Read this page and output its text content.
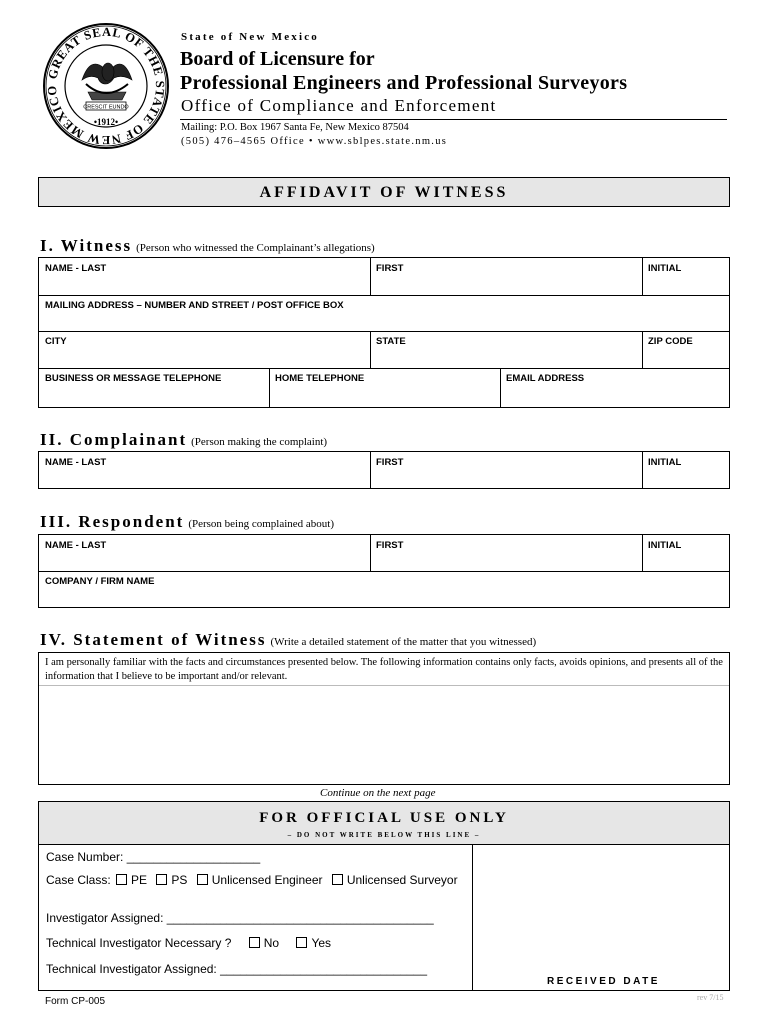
GREAT SEAL OF THE STATE OF NEW MEXICO
CRESCIT EUNDO
•1912•
State of New Mexico
Board of Licensure for
Professional Engineers and Professional Surveyors
Office of Compliance and Enforcement
Mailing: P.O. Box 1967 Santa Fe, New Mexico 87504
(505) 476–4565 Office • www.sblpes.state.nm.us
AFFIDAVIT OF WITNESS
I. Witness (Person who witnessed the Complainant’s allegations)
NAME - LAST	FIRST	INITIAL
MAILING ADDRESS – NUMBER AND STREET / POST OFFICE BOX
CITY	STATE	ZIP CODE
BUSINESS OR MESSAGE TELEPHONE	HOME TELEPHONE	EMAIL ADDRESS
II. Complainant (Person making the complaint)
NAME - LAST	FIRST	INITIAL
III. Respondent (Person being complained about)
NAME - LAST	FIRST	INITIAL
COMPANY / FIRM NAME
IV. Statement of Witness (Write a detailed statement of the matter that you witnessed)
I am personally familiar with the facts and circumstances presented below. The following information contains only facts, avoids opinions, and presents all of the information that I believe to be important and/or relevant.
Continue on the next page
FOR OFFICIAL USE ONLY
– DO NOT WRITE BELOW THIS LINE –
Case Number: ____________________
Case Class: PE PS Unlicensed Engineer Unlicensed Surveyor
Investigator Assigned: ________________________________________
Technical Investigator Necessary ?	No	Yes
Technical Investigator Assigned: _______________________________
RECEIVED DATE
Form CP-005	rev 7/15
